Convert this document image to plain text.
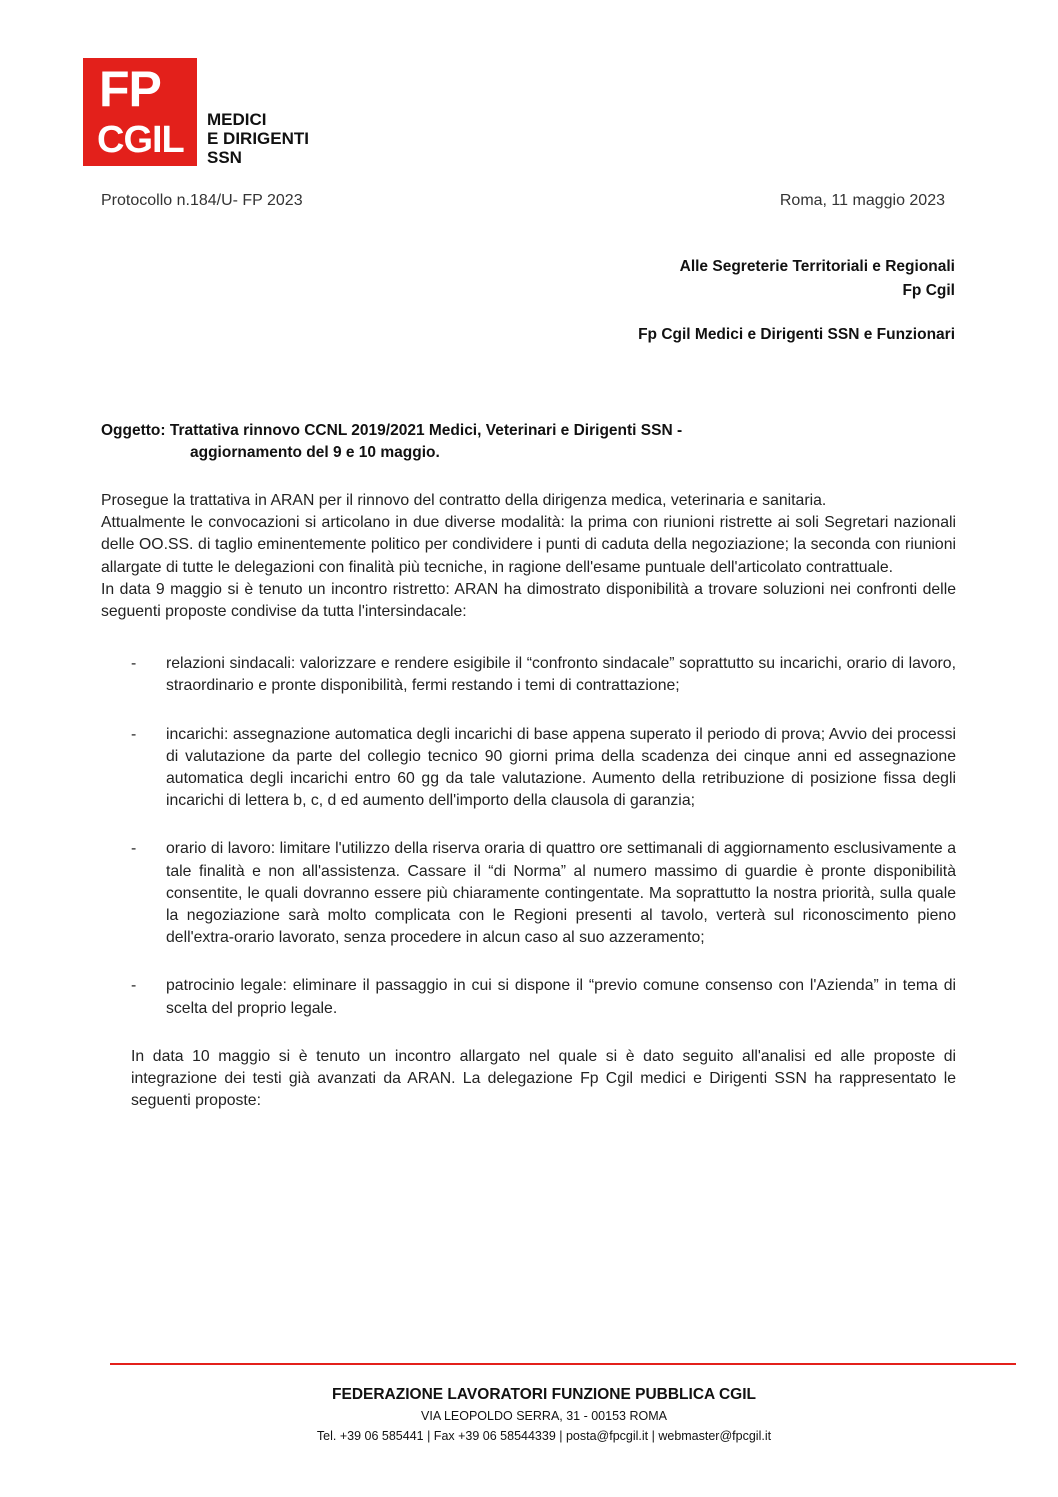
FP
CGIL MEDICI
E DIRIGENTI
SSN
Protocollo n.184/U- FP 2023	Roma, 11 maggio 2023
Alle Segreterie Territoriali e Regionali
Fp Cgil
Fp Cgil Medici e Dirigenti SSN e Funzionari
Oggetto: Trattativa rinnovo CCNL 2019/2021 Medici, Veterinari e Dirigenti SSN -
aggiornamento del 9 e 10 maggio.

Prosegue la trattativa in ARAN per il rinnovo del contratto della dirigenza medica, veterinaria e sanitaria.

Attualmente le convocazioni si articolano in due diverse modalità: la prima con riunioni ristrette ai soli Segretari nazionali delle OO.SS. di taglio eminentemente politico per condividere i punti di caduta della negoziazione; la seconda con riunioni allargate di tutte le delegazioni con finalità più tecniche, in ragione dell'esame puntuale dell'articolato contrattuale.

In data 9 maggio si è tenuto un incontro ristretto: ARAN ha dimostrato disponibilità a trovare soluzioni nei confronti delle seguenti proposte condivise da tutta l'intersindacale:

- relazioni sindacali: valorizzare e rendere esigibile il “confronto sindacale” soprattutto su incarichi, orario di lavoro, straordinario e pronte disponibilità, fermi restando i temi di contrattazione;
- incarichi: assegnazione automatica degli incarichi di base appena superato il periodo di prova; Avvio dei processi di valutazione da parte del collegio tecnico 90 giorni prima della scadenza dei cinque anni ed assegnazione automatica degli incarichi entro 60 gg da tale valutazione. Aumento della retribuzione di posizione fissa degli incarichi di lettera b, c, d ed aumento dell'importo della clausola di garanzia;
- orario di lavoro: limitare l'utilizzo della riserva oraria di quattro ore settimanali di aggiornamento esclusivamente a tale finalità e non all'assistenza. Cassare il “di Norma” al numero massimo di guardie è pronte disponibilità consentite, le quali dovranno essere più chiaramente contingentate. Ma soprattutto la nostra priorità, sulla quale la negoziazione sarà molto complicata con le Regioni presenti al tavolo, verterà sul riconoscimento pieno dell'extra-orario lavorato, senza procedere in alcun caso al suo azzeramento;
- patrocinio legale: eliminare il passaggio in cui si dispone il “previo comune consenso con l'Azienda” in tema di scelta del proprio legale.

In data 10 maggio si è tenuto un incontro allargato nel quale si è dato seguito all'analisi ed alle proposte di integrazione dei testi già avanzati da ARAN. La delegazione Fp Cgil medici e Dirigenti SSN ha rappresentato le seguenti proposte:

FEDERAZIONE LAVORATORI FUNZIONE PUBBLICA CGIL
VIA LEOPOLDO SERRA, 31 - 00153 ROMA
Tel. +39 06 585441 | Fax +39 06 58544339 | posta@fpcgil.it | webmaster@fpcgil.it
